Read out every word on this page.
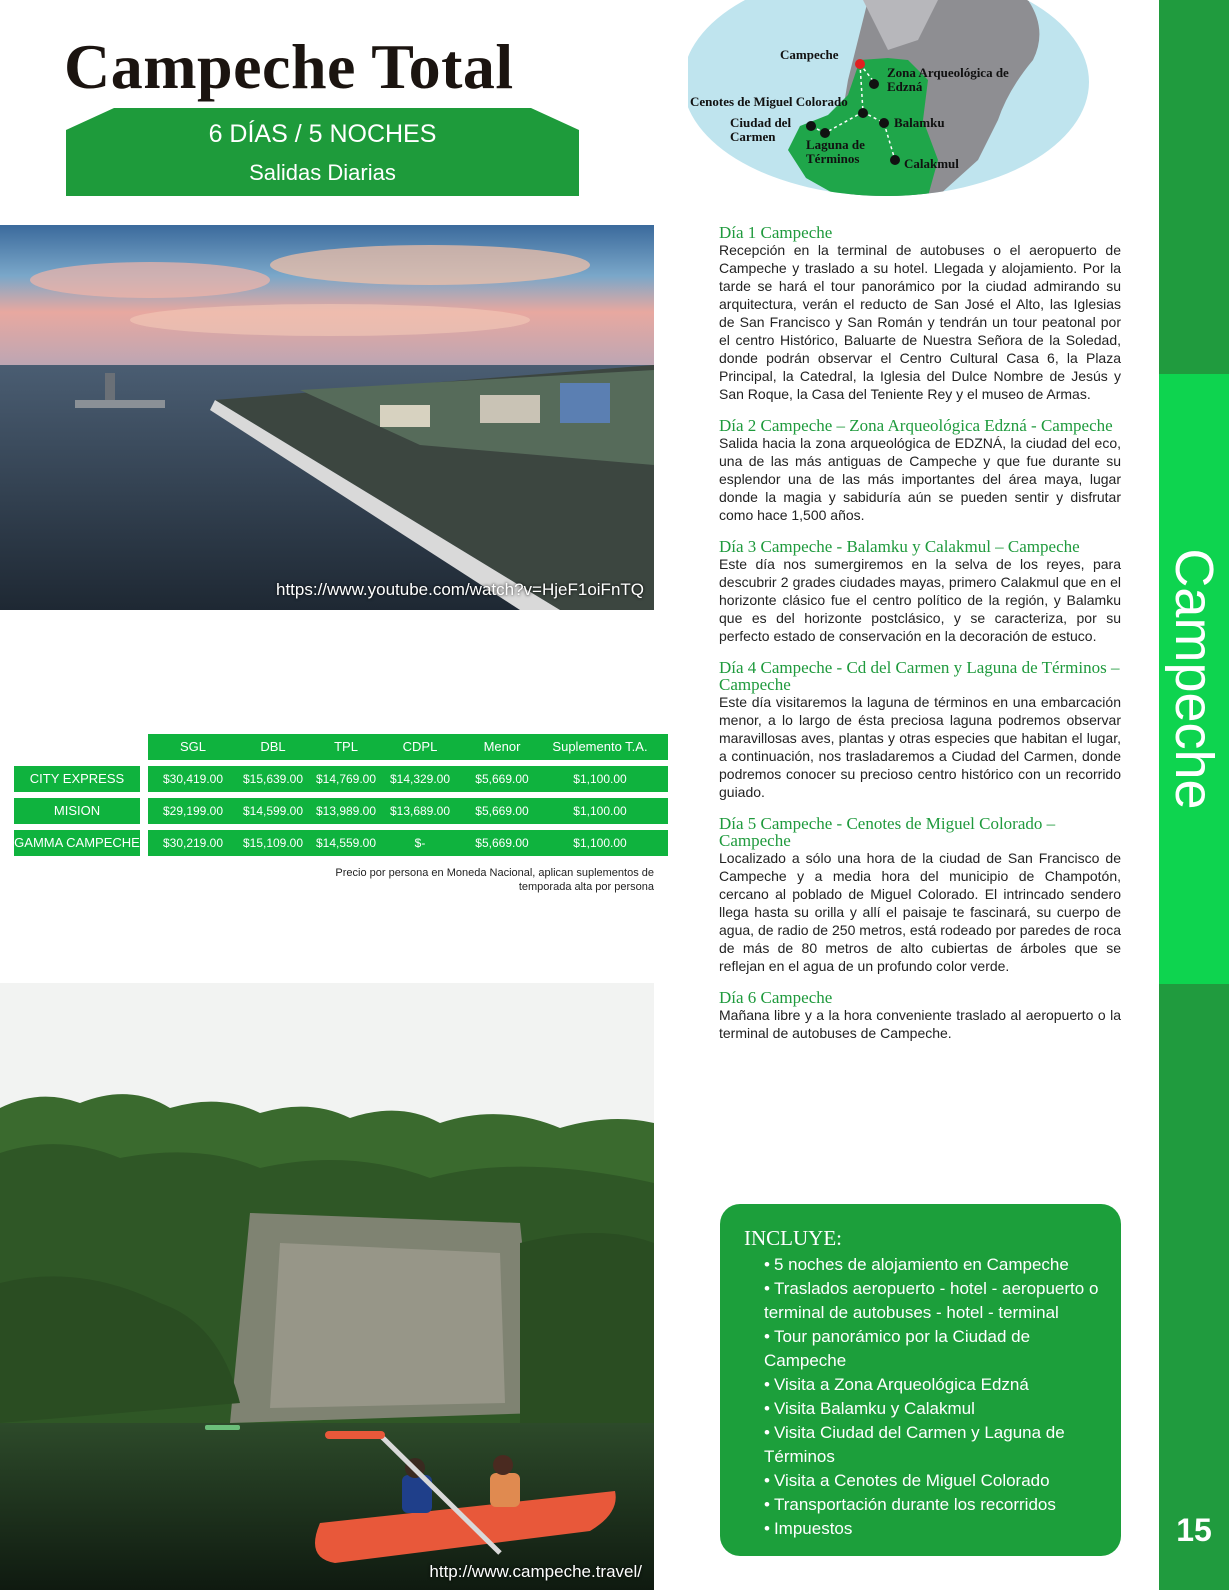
Campeche Total
6 DÍAS / 5 NOCHES
Salidas Diarias
Campeche
Zona Arqueológica de
Edzná
Cenotes de Miguel Colorado
Ciudad del
Carmen
Laguna de
Términos
Balamku
Calakmul
https://www.youtube.com/watch?v=HjeF1oiFnTQ	Campeche
15
Día 1 Campeche

Recepción en la terminal de autobuses o el aeropuerto de Campeche y traslado a su hotel. Llegada y alojamiento. Por la tarde se hará el tour panorámico por la ciudad admirando su arquitectura, verán el reducto de San José el Alto, las Iglesias de San Francisco y San Román y tendrán un tour peatonal por el centro Histórico, Baluarte de Nuestra Señora de la Soledad, donde podrán observar el Centro Cultural Casa 6, la Plaza Principal, la Catedral, la Iglesia del Dulce Nombre de Jesús y San Roque, la Casa del Teniente Rey y el museo de Armas.

Día 2 Campeche – Zona Arqueológica Edzná - Campeche

Salida hacia la zona arqueológica de EDZNÁ, la ciudad del eco, una de las más antiguas de Campeche y que fue durante su esplendor una de las más importantes del área maya, lugar donde la magia y sabiduría aún se pueden sentir y disfrutar como hace 1,500 años.

Día 3 Campeche - Balamku y Calakmul – Campeche

Este día nos sumergiremos en la selva de los reyes, para descubrir 2 grades ciudades mayas, primero Calakmul que en el horizonte clásico fue el centro político de la región, y Balamku que es del horizonte postclásico, y se caracteriza, por su perfecto estado de conservación en la decoración de estuco.

Día 4 Campeche - Cd del Carmen y Laguna de Términos – Campeche

Este día visitaremos la laguna de términos en una embarcación menor, a lo largo de ésta preciosa laguna podremos observar maravillosas aves, plantas y otras especies que habitan el lugar, a continuación, nos trasladaremos a Ciudad del Carmen, donde podremos conocer su precioso centro histórico con un recorrido guiado.

Día 5 Campeche - Cenotes de Miguel Colorado – Campeche

Localizado a sólo una hora de la ciudad de San Francisco de Campeche y a media hora del municipio de Champotón, cercano al poblado de Miguel Colorado. El intrincado sendero llega hasta su orilla y allí el paisaje te fascinará, su cuerpo de agua, de radio de 250 metros, está rodeado por paredes de roca de más de 80 metros de alto cubiertas de árboles que se reflejan en el agua de un profundo color verde.

Día 6 Campeche

Mañana libre y a la hora conveniente traslado al aeropuerto o la terminal de autobuses de Campeche.

SGL	DBL	TPL	CDPL	Menor	Suplemento T.A.
CITY EXPRESS	$30,419.00	$15,639.00	$14,769.00	$14,329.00	$5,669.00	$1,100.00
MISION	$29,199.00	$14,599.00	$13,989.00	$13,689.00	$5,669.00	$1,100.00
GAMMA CAMPECHE	$30,219.00	$15,109.00	$14,559.00	$-	$5,669.00	$1,100.00
Precio por persona en Moneda Nacional, aplican suplementos de
temporada alta por persona
http://www.campeche.travel/
INCLUYE:
• 5 noches de alojamiento en Campeche
• Traslados aeropuerto - hotel - aeropuerto o terminal de autobuses - hotel - terminal
• Tour panorámico por la Ciudad de Campeche
• Visita a Zona Arqueológica Edzná
• Visita Balamku y Calakmul
• Visita Ciudad del Carmen y Laguna de Términos
• Visita a Cenotes de Miguel Colorado
• Transportación durante los recorridos
• Impuestos
